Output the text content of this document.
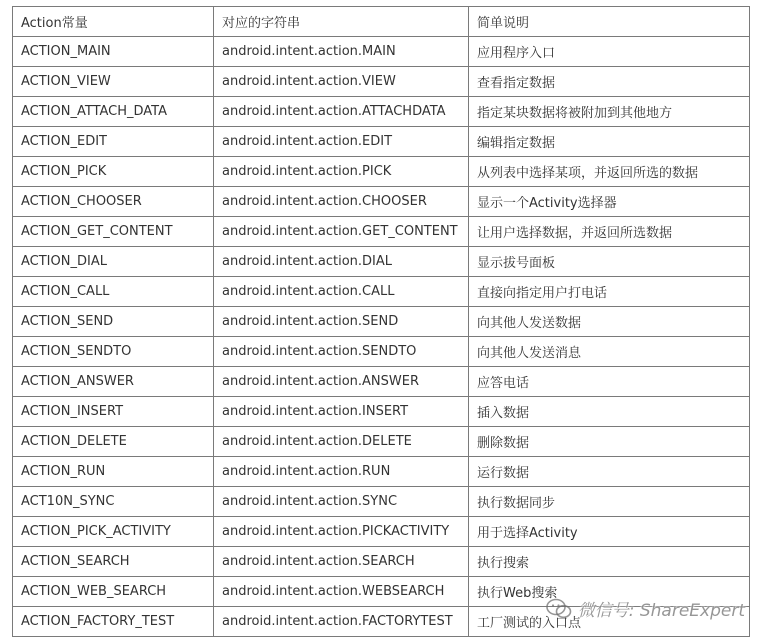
Action常量	对应的字符串	简单说明
ACTION_MAIN	android.intent.action.MAIN	应用程序入口
ACTION_VIEW	android.intent.action.VIEW	查看指定数据
ACTION_ATTACH_DATA	android.intent.action.ATTACHDATA	指定某块数据将被附加到其他地方
ACTION_EDIT	android.intent.action.EDIT	编辑指定数据
ACTION_PICK	android.intent.action.PICK	从列表中选择某项，并返回所选的数据
ACTION_CHOOSER	android.intent.action.CHOOSER	显示一个Activity选择器
ACTION_GET_CONTENT	android.intent.action.GET_CONTENT	让用户选择数据，并返回所选数据
ACTION_DIAL	android.intent.action.DIAL	显示拔号面板
ACTION_CALL	android.intent.action.CALL	直接向指定用户打电话
ACTION_SEND	android.intent.action.SEND	向其他人发送数据
ACTION_SENDTO	android.intent.action.SENDTO	向其他人发送消息
ACTION_ANSWER	android.intent.action.ANSWER	应答电话
ACTION_INSERT	android.intent.action.INSERT	插入数据
ACTION_DELETE	android.intent.action.DELETE	删除数据
ACTION_RUN	android.intent.action.RUN	运行数据
ACT10N_SYNC	android.intent.action.SYNC	执行数据同步
ACTION_PICK_ACTIVITY	android.intent.action.PICKACTIVITY	用于选择Activity
ACTION_SEARCH	android.intent.action.SEARCH	执行搜索
ACTION_WEB_SEARCH	android.intent.action.WEBSEARCH	执行Web搜索
ACTION_FACTORY_TEST	android.intent.action.FACTORYTEST	工厂测试的入口点
微信号: ShareExpert
